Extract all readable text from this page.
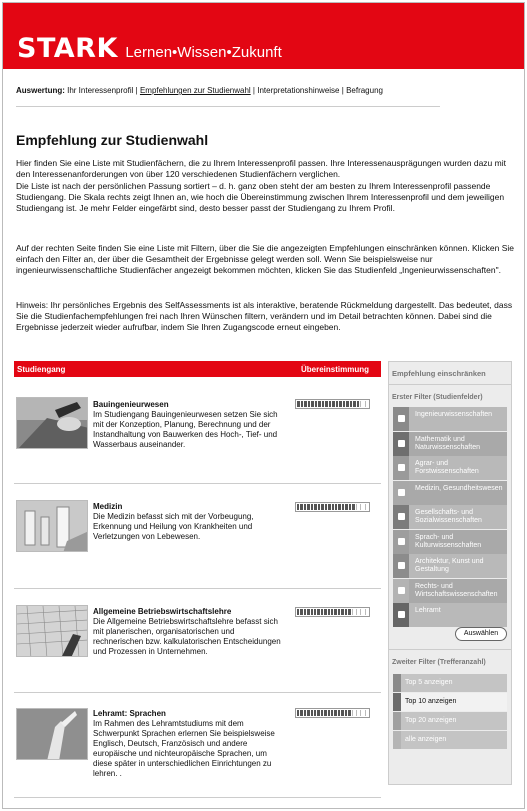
STARK Lernen•Wissen•Zukunft
Auswertung: Ihr Interessenprofil | Empfehlungen zur Studienwahl | Interpretationshinweise | Befragung
Empfehlung zur Studienwahl

Hier finden Sie eine Liste mit Studienfächern, die zu Ihrem Interessenprofil passen. Ihre Interessenausprägungen wurden dazu mit den Interessenanforderungen von über 120 verschiedenen Studienfächern verglichen.

Die Liste ist nach der persönlichen Passung sortiert – d. h. ganz oben steht der am besten zu Ihrem Interessenprofil passende Studiengang. Die Skala rechts zeigt Ihnen an, wie hoch die Übereinstimmung zwischen Ihrem Interessenprofil und dem jeweiligen Studiengang ist. Je mehr Felder eingefärbt sind, desto besser passt der Studiengang zu Ihrem Profil.

Auf der rechten Seite finden Sie eine Liste mit Filtern, über die Sie die angezeigten Empfehlungen einschränken können. Klicken Sie einfach den Filter an, der über die Gesamtheit der Ergebnisse gelegt werden soll. Wenn Sie beispielsweise nur ingenieurwissenschaftliche Studienfächer angezeigt bekommen möchten, klicken Sie das Studienfeld „Ingenieurwissenschaften".

Hinweis: Ihr persönliches Ergebnis des SelfAssessments ist als interaktive, beratende Rückmeldung dargestellt. Das bedeutet, dass Sie die Studienfachempfehlungen frei nach Ihren Wünschen filtern, verändern und im Detail betrachten können. Dabei sind die Ergebnisse jederzeit wieder aufrufbar, indem Sie Ihren Zugangscode erneut eingeben.

Studiengang	Übereinstimmung
Bauingenieurwesen
Im Studiengang Bauingenieurwesen setzen Sie sich mit der Konzeption, Planung, Berechnung und der Instandhaltung von Bauwerken des Hoch-, Tief- und Wasserbaus auseinander.
Medizin
Die Medizin befasst sich mit der Vorbeugung, Erkennung und Heilung von Krankheiten und Verletzungen von Lebewesen.
Allgemeine Betriebswirtschaftslehre
Die Allgemeine Betriebswirtschaftslehre befasst sich mit planerischen, organisatorischen und rechnerischen bzw. kalkulatorischen Entscheidungen und Prozessen in Unternehmen.
Lehramt: Sprachen
Im Rahmen des Lehramtstudiums mit dem Schwerpunkt Sprachen erlernen Sie beispielsweise Englisch, Deutsch, Französisch und andere europäische und nichteuropäische Sprachen, um diese später in unterschiedlichen Einrichtungen zu lehren. .
Empfehlung einschränken
Erster Filter (Studienfelder)
Ingenieurwissenschaften
Mathematik und Naturwissenschaften
Agrar- und Forstwissenschaften
Medizin, Gesundheitswesen
Gesellschafts- und Sozialwissenschaften
Sprach- und Kulturwissenschaften
Architektur, Kunst und Gestaltung
Rechts- und Wirtschaftswissenschaften
Lehramt
Auswählen
Zweiter Filter (Trefferanzahl)
Top 5 anzeigen
Top 10 anzeigen
Top 20 anzeigen
alle anzeigen
